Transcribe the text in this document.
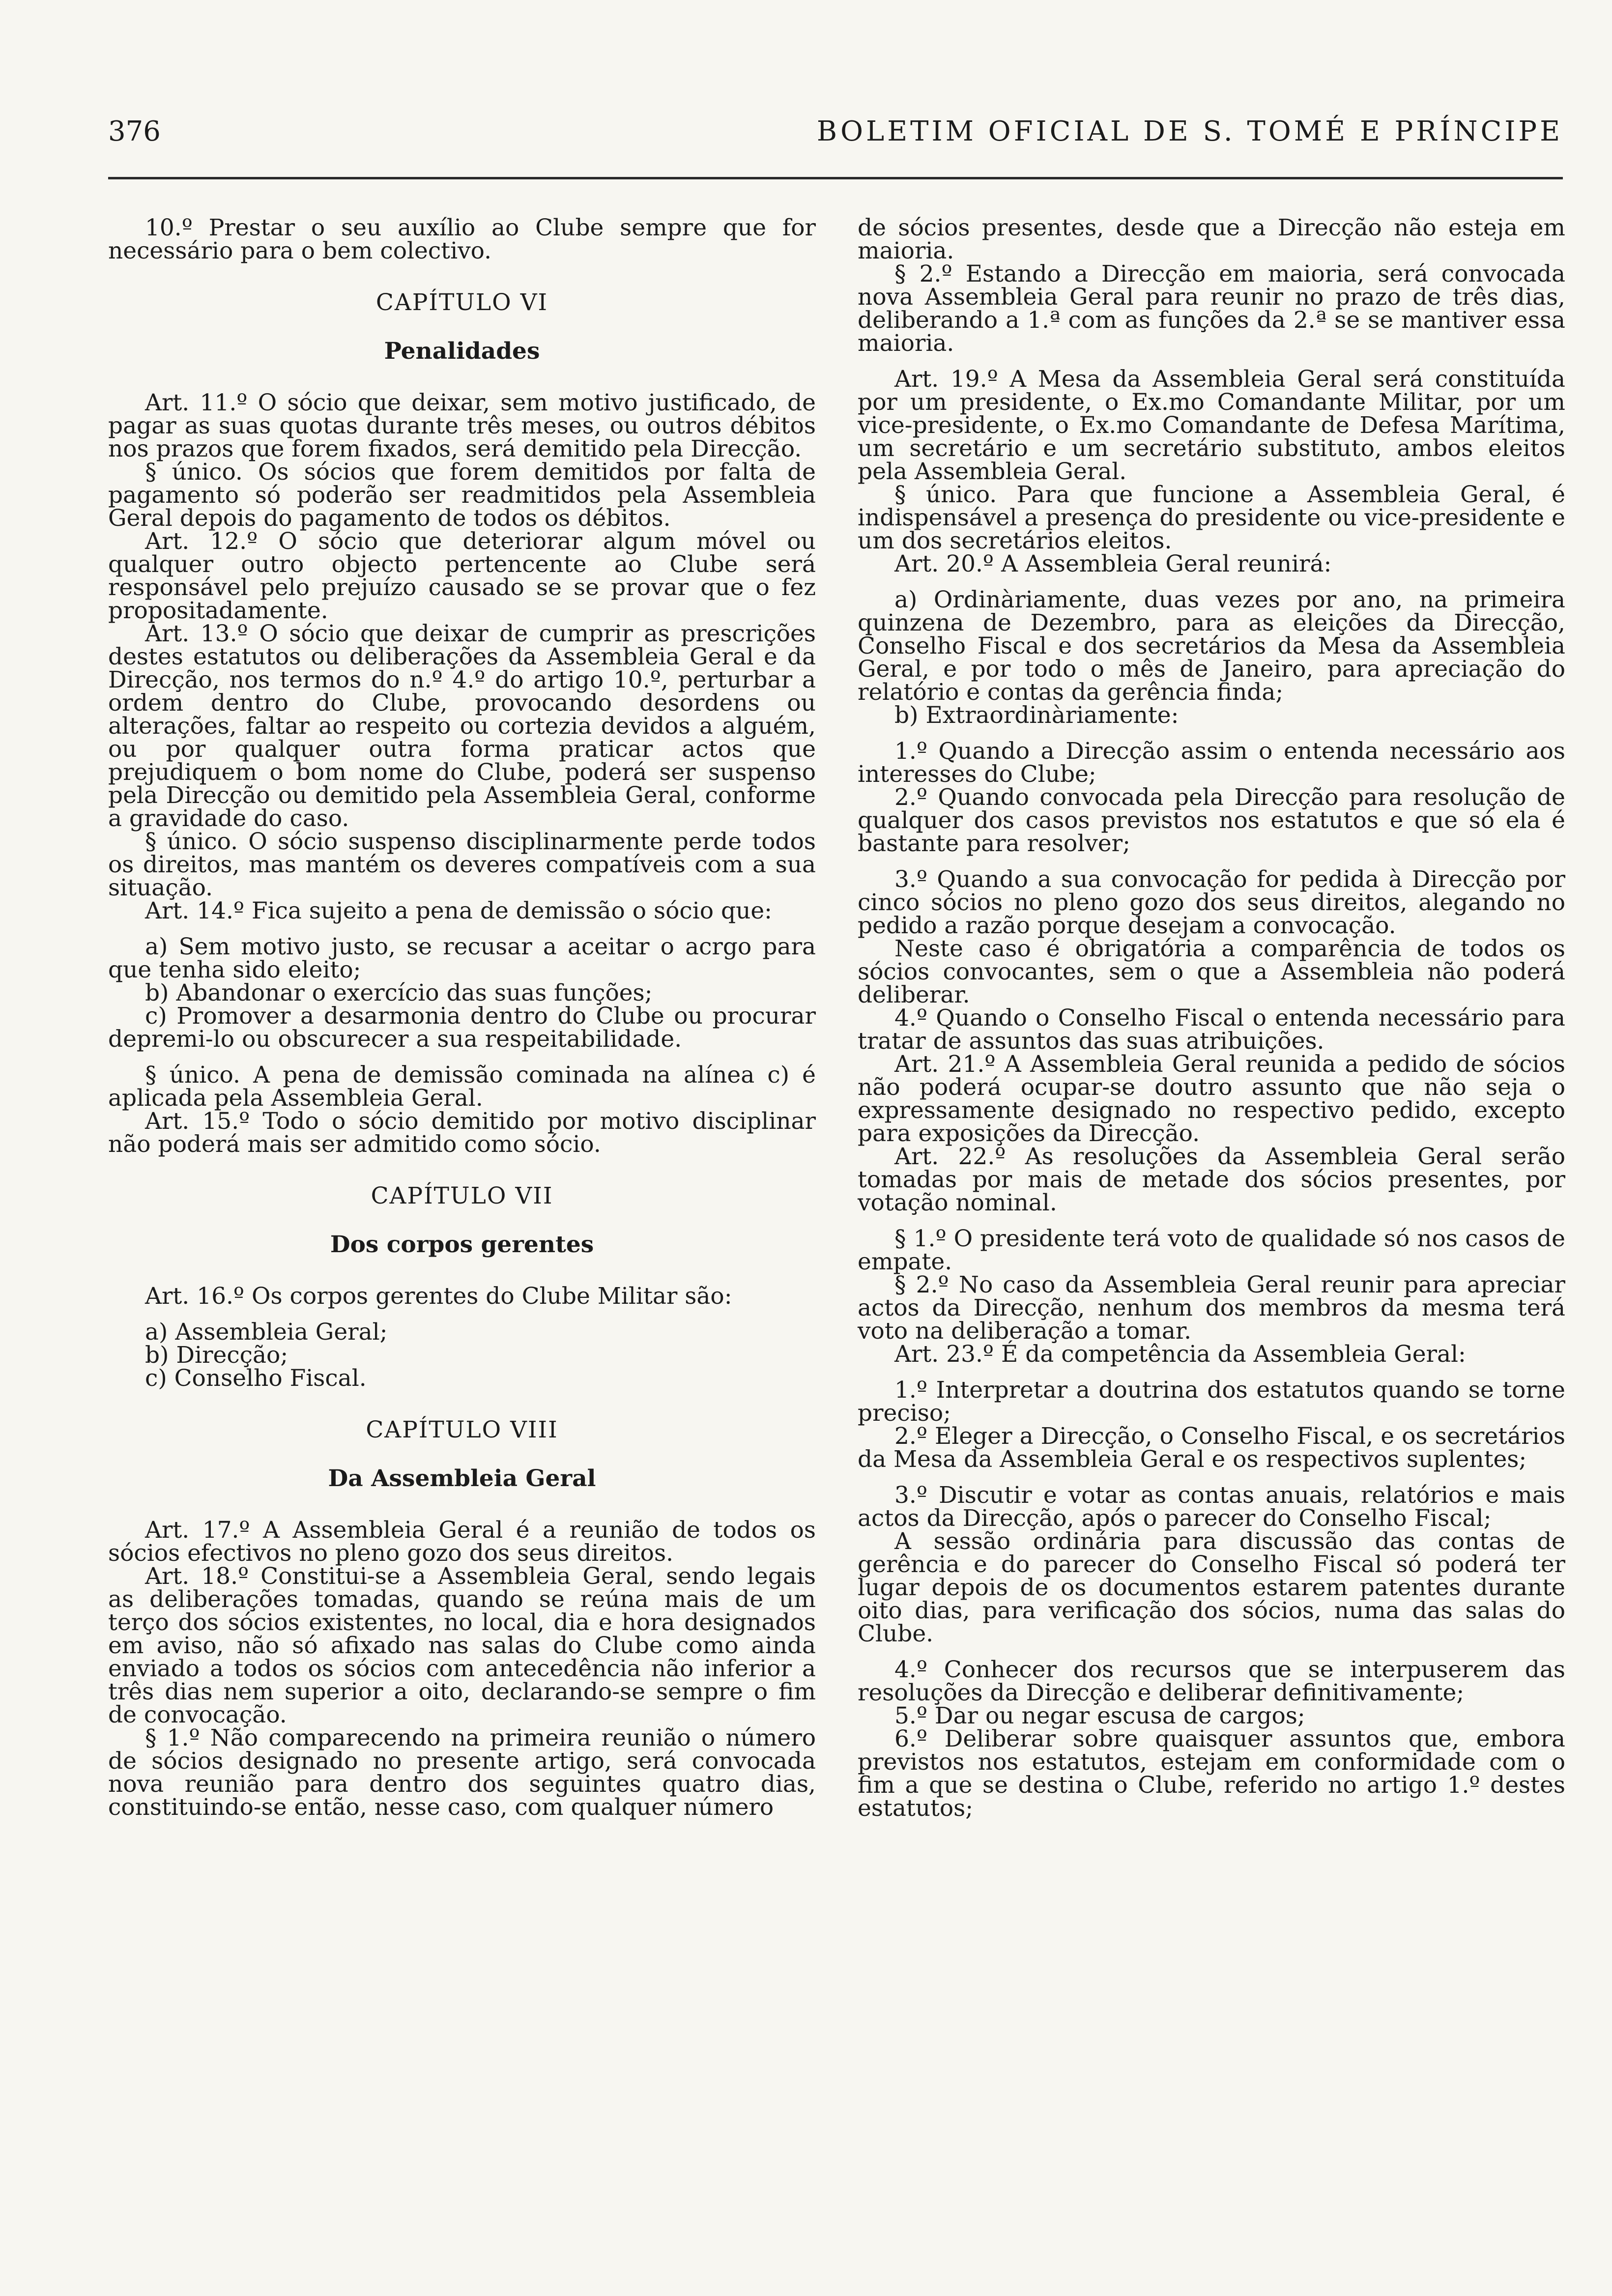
376	BOLETIM OFICIAL DE S. TOMÉ E PRÍNCIPE

10.º Prestar o seu auxílio ao Clube sempre que for necessário para o bem colectivo.

CAPÍTULO VI

Penalidades

Art. 11.º O sócio que deixar, sem motivo justificado, de pagar as suas quotas durante três meses, ou outros débitos nos prazos que forem fixados, será demitido pela Direcção.

§ único. Os sócios que forem demitidos por falta de pagamento só poderão ser readmitidos pela Assembleia Geral depois do pagamento de todos os débitos.

Art. 12.º O sócio que deteriorar algum móvel ou qualquer outro objecto pertencente ao Clube será responsável pelo prejuízo causado se se provar que o fez propositadamente.

Art. 13.º O sócio que deixar de cumprir as prescrições destes estatutos ou deliberações da Assembleia Geral e da Direcção, nos termos do n.º 4.º do artigo 10.º, perturbar a ordem dentro do Clube, provocando desordens ou alterações, faltar ao respeito ou cortezia devidos a alguém, ou por qualquer outra forma praticar actos que prejudiquem o bom nome do Clube, poderá ser suspenso pela Direcção ou demitido pela Assembleia Geral, conforme a gravidade do caso.

§ único. O sócio suspenso disciplinarmente perde todos os direitos, mas mantém os deveres compatíveis com a sua situação.

Art. 14.º Fica sujeito a pena de demissão o sócio que:

a) Sem motivo justo, se recusar a aceitar o acrgo para que tenha sido eleito;

b) Abandonar o exercício das suas funções;

c) Promover a desarmonia dentro do Clube ou procurar depremi-lo ou obscurecer a sua respeitabilidade.

§ único. A pena de demissão cominada na alínea c) é aplicada pela Assembleia Geral.

Art. 15.º Todo o sócio demitido por motivo disciplinar não poderá mais ser admitido como sócio.

CAPÍTULO VII

Dos corpos gerentes

Art. 16.º Os corpos gerentes do Clube Militar são:

a) Assembleia Geral;

b) Direcção;

c) Conselho Fiscal.

CAPÍTULO VIII

Da Assembleia Geral

Art. 17.º A Assembleia Geral é a reunião de todos os sócios efectivos no pleno gozo dos seus direitos.

Art. 18.º Constitui-se a Assembleia Geral, sendo legais as deliberações tomadas, quando se reúna mais de um terço dos sócios existentes, no local, dia e hora designados em aviso, não só afixado nas salas do Clube como ainda enviado a todos os sócios com antecedência não inferior a três dias nem superior a oito, declarando-se sempre o fim de convocação.

§ 1.º Não comparecendo na primeira reunião o número de sócios designado no presente artigo, será convocada nova reunião para dentro dos seguintes quatro dias, constituindo-se então, nesse caso, com qualquer número

de sócios presentes, desde que a Direcção não esteja em maioria.

§ 2.º Estando a Direcção em maioria, será convocada nova Assembleia Geral para reunir no prazo de três dias, deliberando a 1.ª com as funções da 2.ª se se mantiver essa maioria.

Art. 19.º A Mesa da Assembleia Geral será constituída por um presidente, o Ex.mo Comandante Militar, por um vice-presidente, o Ex.mo Comandante de Defesa Marítima, um secretário e um secretário substituto, ambos eleitos pela Assembleia Geral.

§ único. Para que funcione a Assembleia Geral, é indispensável a presença do presidente ou vice-presidente e um dos secretários eleitos.

Art. 20.º A Assembleia Geral reunirá:

a) Ordinàriamente, duas vezes por ano, na primeira quinzena de Dezembro, para as eleições da Direcção, Conselho Fiscal e dos secretários da Mesa da Assembleia Geral, e por todo o mês de Janeiro, para apreciação do relatório e contas da gerência finda;

b) Extraordinàriamente:

1.º Quando a Direcção assim o entenda necessário aos interesses do Clube;

2.º Quando convocada pela Direcção para resolução de qualquer dos casos previstos nos estatutos e que só ela é bastante para resolver;

3.º Quando a sua convocação for pedida à Direcção por cinco sócios no pleno gozo dos seus direitos, alegando no pedido a razão porque desejam a convocação.

Neste caso é obrigatória a comparência de todos os sócios convocantes, sem o que a Assembleia não poderá deliberar.

4.º Quando o Conselho Fiscal o entenda necessário para tratar de assuntos das suas atribuições.

Art. 21.º A Assembleia Geral reunida a pedido de sócios não poderá ocupar-se doutro assunto que não seja o expressamente designado no respectivo pedido, excepto para exposições da Direcção.

Art. 22.º As resoluções da Assembleia Geral serão tomadas por mais de metade dos sócios presentes, por votação nominal.

§ 1.º O presidente terá voto de qualidade só nos casos de empate.

§ 2.º No caso da Assembleia Geral reunir para apreciar actos da Direcção, nenhum dos membros da mesma terá voto na deliberação a tomar.

Art. 23.º É da competência da Assembleia Geral:

1.º Interpretar a doutrina dos estatutos quando se torne preciso;

2.º Eleger a Direcção, o Conselho Fiscal, e os secretários da Mesa da Assembleia Geral e os respectivos suplentes;

3.º Discutir e votar as contas anuais, relatórios e mais actos da Direcção, após o parecer do Conselho Fiscal;

A sessão ordinária para discussão das contas de gerência e do parecer do Conselho Fiscal só poderá ter lugar depois de os documentos estarem patentes durante oito dias, para verificação dos sócios, numa das salas do Clube.

4.º Conhecer dos recursos que se interpuserem das resoluções da Direcção e deliberar definitivamente;

5.º Dar ou negar escusa de cargos;

6.º Deliberar sobre quaisquer assuntos que, embora previstos nos estatutos, estejam em conformidade com o fim a que se destina o Clube, referido no artigo 1.º destes estatutos;
